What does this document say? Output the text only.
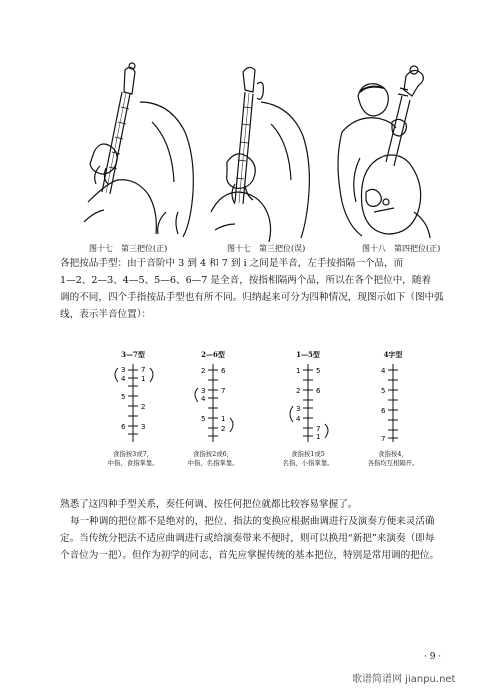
图十七　第三把位(正)	图十七　第三把位(误)	图十八　第四把位(正)
各把按品手型：由于音阶中 3 到 4 和 7 到 i 之间是半音，左手按指隔一个品，而
1—2、2—3、4—5、5—6、6—7 是全音，按指相隔两个品，所以在各个把位中，随着
调的不同，四个手指按品手型也有所不同。归纳起来可分为四种情况，现图示如下（图中弧
线，表示半音位置）：
3—7型
3
4
5
6
7
1
2
3
食指按3或7，
中指、食指掌靠。
2—6型
2
3
4
5
6
7
1
2
食指按2或6，
中指、名指掌靠。
1—5型
1
2
3
4
5
6
7
1
食指按1或5
名指、小指掌靠。
4字型
4
5
6
7
食指按4，
各指均互相隔开。
熟悉了这四种手型关系，奏任何调、按任何把位就都比较容易掌握了。
每一种调的把位都不是绝对的，把位、指法的变换应根据曲调进行及演奏方便来灵活确
定。当传统分把法不适应曲调进行或给演奏带来不便时，则可以换用“新把”来演奏（即每
个音位为一把）。但作为初学的同志，首先应掌握传统的基本把位，特别是常用调的把位。
· 9 ·
歌谱简谱网 jianpu.net
